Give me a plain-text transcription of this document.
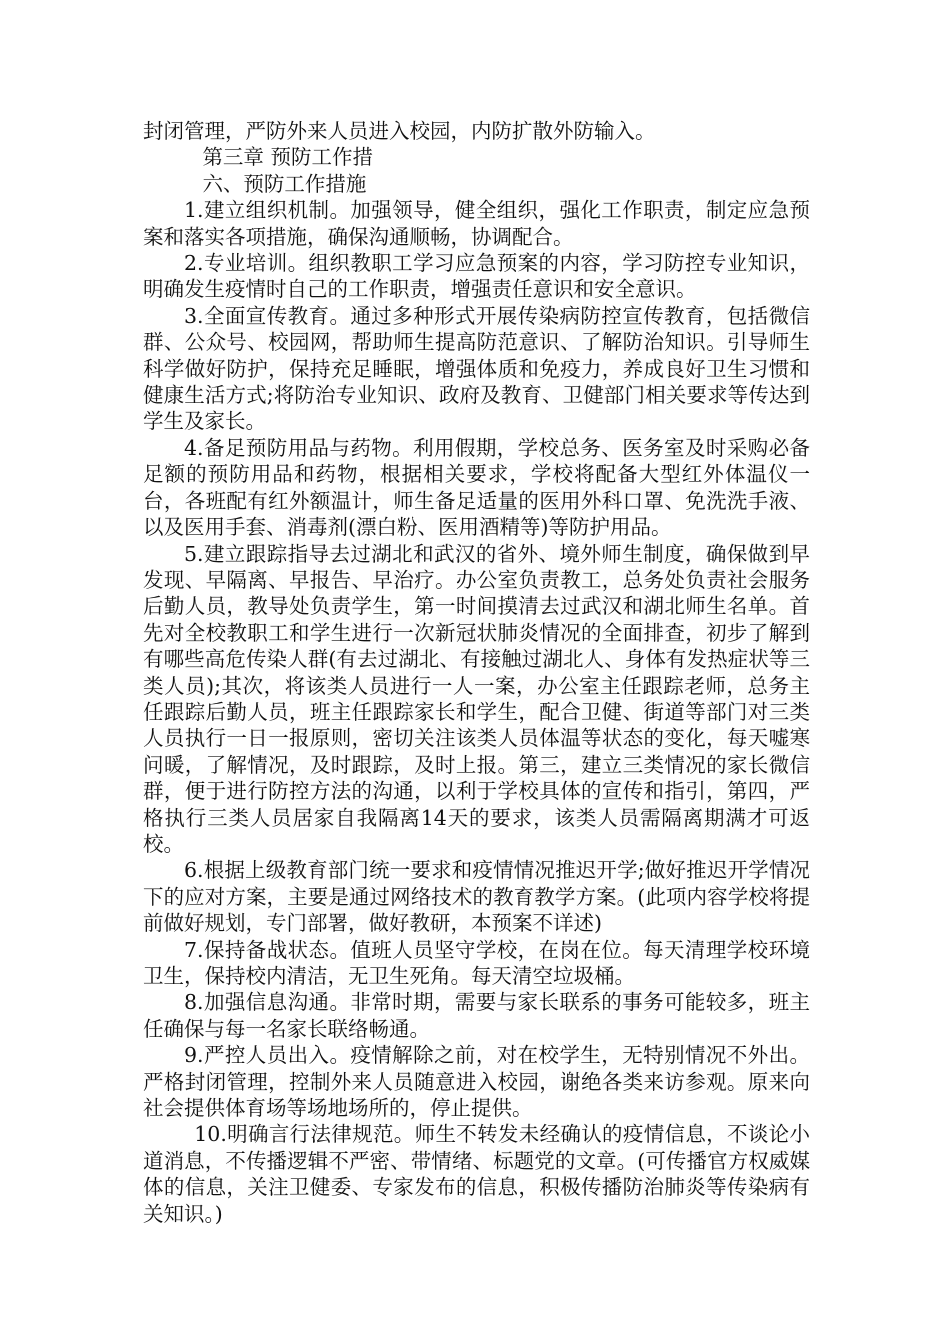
封闭管理，严防外来人员进入校园，内防扩散外防输入。

第三章 预防工作措

六、预防工作措施

1.建立组织机制。加强领导，健全组织，强化工作职责，制定应急预案和落实各项措施，确保沟通顺畅，协调配合。

2.专业培训。组织教职工学习应急预案的内容，学习防控专业知识，明确发生疫情时自己的工作职责，增强责任意识和安全意识。

3.全面宣传教育。通过多种形式开展传染病防控宣传教育，包括微信群、公众号、校园网，帮助师生提高防范意识、了解防治知识。引导师生科学做好防护，保持充足睡眠，增强体质和免疫力，养成良好卫生习惯和健康生活方式;将防治专业知识、政府及教育、卫健部门相关要求等传达到学生及家长。

4.备足预防用品与药物。利用假期，学校总务、医务室及时采购必备足额的预防用品和药物，根据相关要求，学校将配备大型红外体温仪一台，各班配有红外额温计，师生备足适量的医用外科口罩、免洗洗手液、以及医用手套、消毒剂(漂白粉、医用酒精等)等防护用品。

5.建立跟踪指导去过湖北和武汉的省外、境外师生制度，确保做到早发现、早隔离、早报告、早治疗。办公室负责教工，总务处负责社会服务后勤人员，教导处负责学生，第一时间摸清去过武汉和湖北师生名单。首先对全校教职工和学生进行一次新冠状肺炎情况的全面排查，初步了解到有哪些高危传染人群(有去过湖北、有接触过湖北人、身体有发热症状等三类人员);其次，将该类人员进行一人一案，办公室主任跟踪老师，总务主任跟踪后勤人员，班主任跟踪家长和学生，配合卫健、街道等部门对三类人员执行一日一报原则，密切关注该类人员体温等状态的变化，每天嘘寒问暖，了解情况，及时跟踪，及时上报。第三，建立三类情况的家长微信群，便于进行防控方法的沟通，以利于学校具体的宣传和指引，第四，严格执行三类人员居家自我隔离14天的要求，该类人员需隔离期满才可返校。

6.根据上级教育部门统一要求和疫情情况推迟开学;做好推迟开学情况下的应对方案，主要是通过网络技术的教育教学方案。(此项内容学校将提前做好规划，专门部署，做好教研，本预案不详述)

7.保持备战状态。值班人员坚守学校，在岗在位。每天清理学校环境卫生，保持校内清洁，无卫生死角。每天清空垃圾桶。

8.加强信息沟通。非常时期，需要与家长联系的事务可能较多，班主任确保与每一名家长联络畅通。

9.严控人员出入。疫情解除之前，对在校学生，无特别情况不外出。严格封闭管理，控制外来人员随意进入校园，谢绝各类来访参观。原来向社会提供体育场等场地场所的，停止提供。

10.明确言行法律规范。师生不转发未经确认的疫情信息，不谈论小道消息，不传播逻辑不严密、带情绪、标题党的文章。(可传播官方权威媒体的信息，关注卫健委、专家发布的信息，积极传播防治肺炎等传染病有关知识。)
